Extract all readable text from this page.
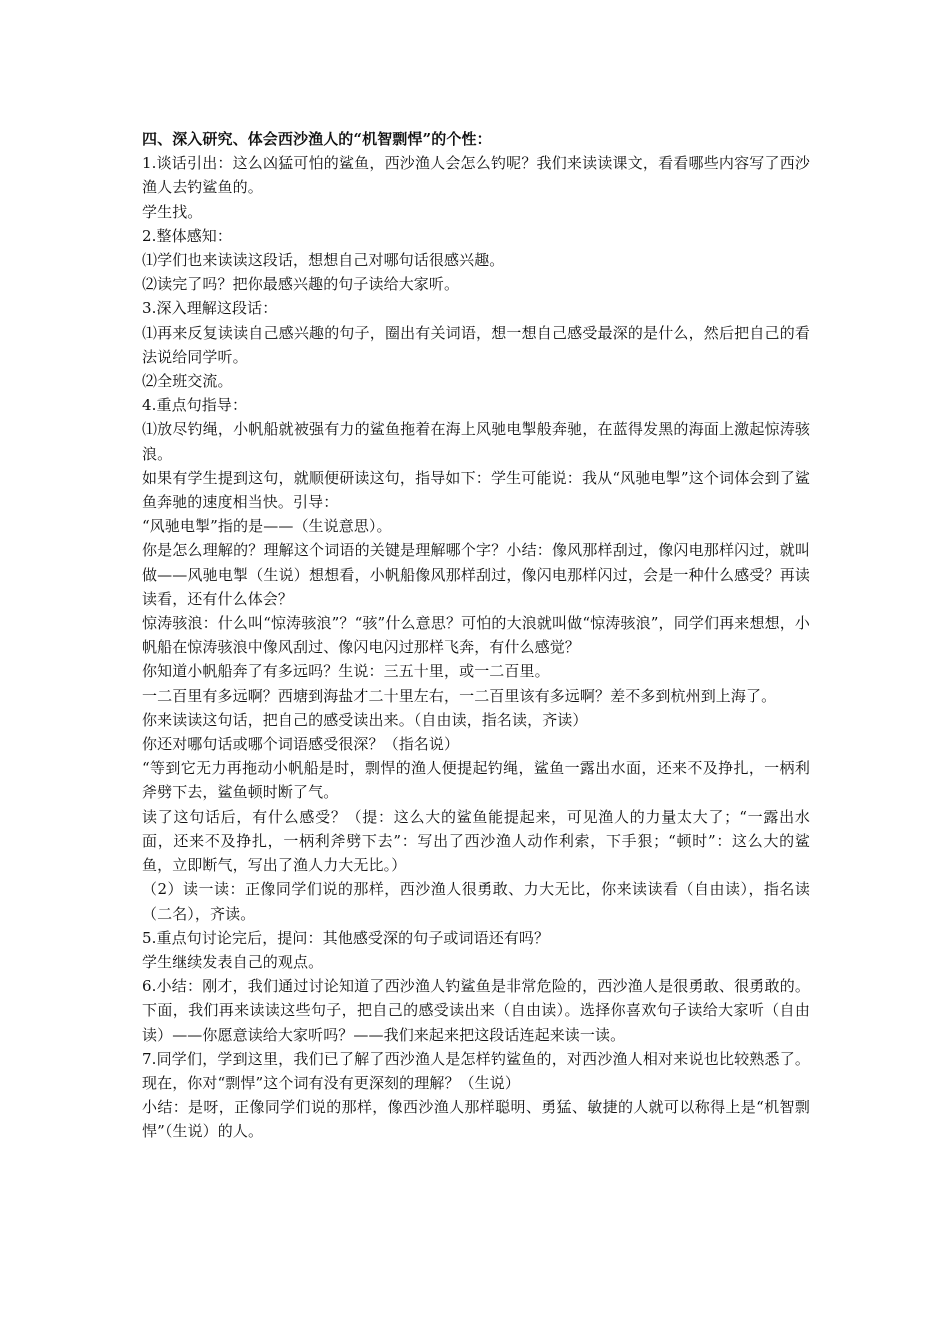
四、深入研究、体会西沙渔人的“机智剽悍”的个性：

1.谈话引出：这么凶猛可怕的鲨鱼，西沙渔人会怎么钓呢？我们来读读课文，看看哪些内容写了西沙渔人去钓鲨鱼的。

学生找。

2.整体感知：

⑴学们也来读读这段话，想想自己对哪句话很感兴趣。

⑵读完了吗？把你最感兴趣的句子读给大家听。

3.深入理解这段话：

⑴再来反复读读自己感兴趣的句子，圈出有关词语，想一想自己感受最深的是什么，然后把自己的看法说给同学听。

⑵全班交流。

4.重点句指导：

⑴放尽钓绳，小帆船就被强有力的鲨鱼拖着在海上风驰电掣般奔驰，在蓝得发黑的海面上激起惊涛骇浪。

如果有学生提到这句，就顺便研读这句，指导如下：学生可能说：我从“风驰电掣”这个词体会到了鲨鱼奔驰的速度相当快。引导：

“风驰电掣”指的是——（生说意思）。

你是怎么理解的？理解这个词语的关键是理解哪个字？小结：像风那样刮过，像闪电那样闪过，就叫做——风驰电掣（生说）想想看，小帆船像风那样刮过，像闪电那样闪过，会是一种什么感受？再读读看，还有什么体会？

惊涛骇浪：什么叫“惊涛骇浪”？“骇”什么意思？可怕的大浪就叫做“惊涛骇浪”，同学们再来想想，小帆船在惊涛骇浪中像风刮过、像闪电闪过那样飞奔，有什么感觉？

你知道小帆船奔了有多远吗？生说：三五十里，或一二百里。

一二百里有多远啊？西塘到海盐才二十里左右，一二百里该有多远啊？差不多到杭州到上海了。

你来读读这句话，把自己的感受读出来。（自由读，指名读，齐读）

你还对哪句话或哪个词语感受很深？（指名说）

“等到它无力再拖动小帆船是时，剽悍的渔人便提起钓绳，鲨鱼一露出水面，还来不及挣扎，一柄利斧劈下去，鲨鱼顿时断了气。

读了这句话后，有什么感受？（提：这么大的鲨鱼能提起来，可见渔人的力量太大了；“一露出水面，还来不及挣扎，一柄利斧劈下去”：写出了西沙渔人动作利索，下手狠；“顿时”：这么大的鲨鱼，立即断气，写出了渔人力大无比。）

（2）读一读：正像同学们说的那样，西沙渔人很勇敢、力大无比，你来读读看（自由读），指名读（二名），齐读。

5.重点句讨论完后，提问：其他感受深的句子或词语还有吗？

学生继续发表自己的观点。

6.小结：刚才，我们通过讨论知道了西沙渔人钓鲨鱼是非常危险的，西沙渔人是很勇敢、很勇敢的。下面，我们再来读读这些句子，把自己的感受读出来（自由读）。选择你喜欢句子读给大家听（自由读）——你愿意读给大家听吗？——我们来起来把这段话连起来读一读。

7.同学们，学到这里，我们已了解了西沙渔人是怎样钓鲨鱼的，对西沙渔人相对来说也比较熟悉了。现在，你对“剽悍”这个词有没有更深刻的理解？（生说）

小结：是呀，正像同学们说的那样，像西沙渔人那样聪明、勇猛、敏捷的人就可以称得上是“机智剽悍”（生说）的人。
